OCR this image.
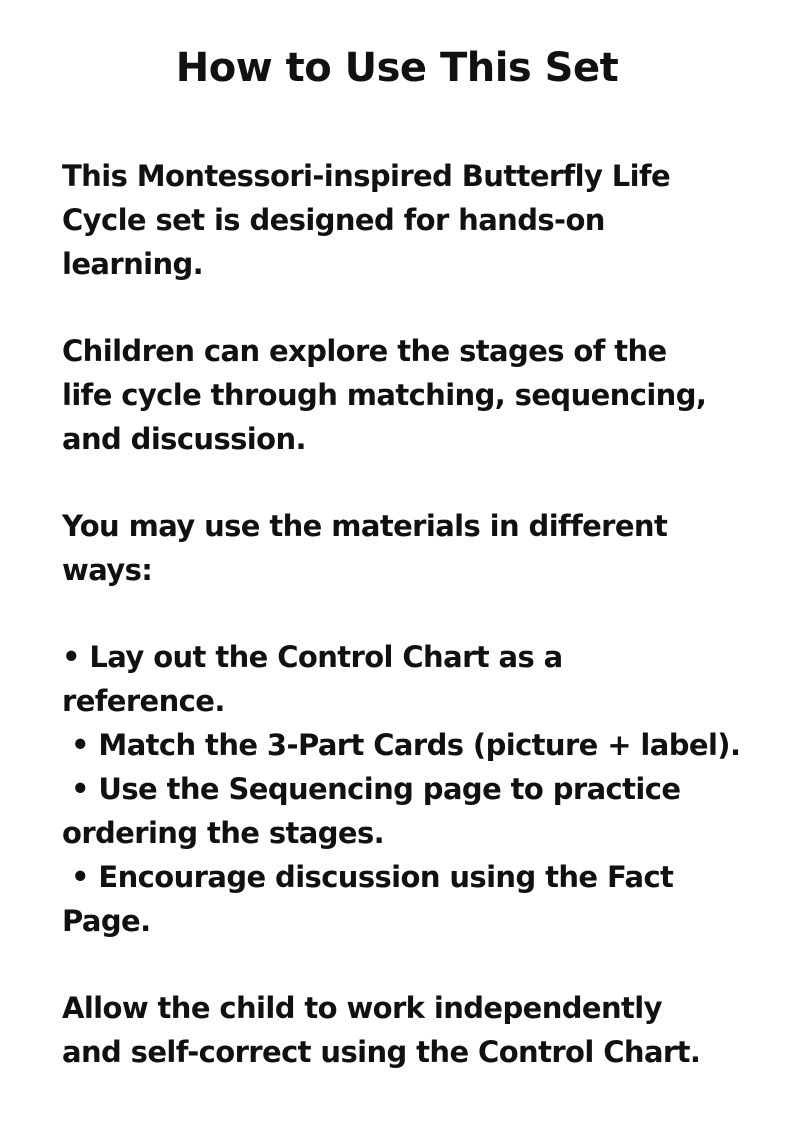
How to Use This Set

This Montessori-inspired Butterfly Life
Cycle set is designed for hands-on
learning.

Children can explore the stages of the
life cycle through matching, sequencing,
and discussion.

You may use the materials in different
ways:

• Lay out the Control Chart as a
reference.
• Match the 3-Part Cards (picture + label).
• Use the Sequencing page to practice
ordering the stages.
• Encourage discussion using the Fact
Page.

Allow the child to work independently
and self-correct using the Control Chart.
